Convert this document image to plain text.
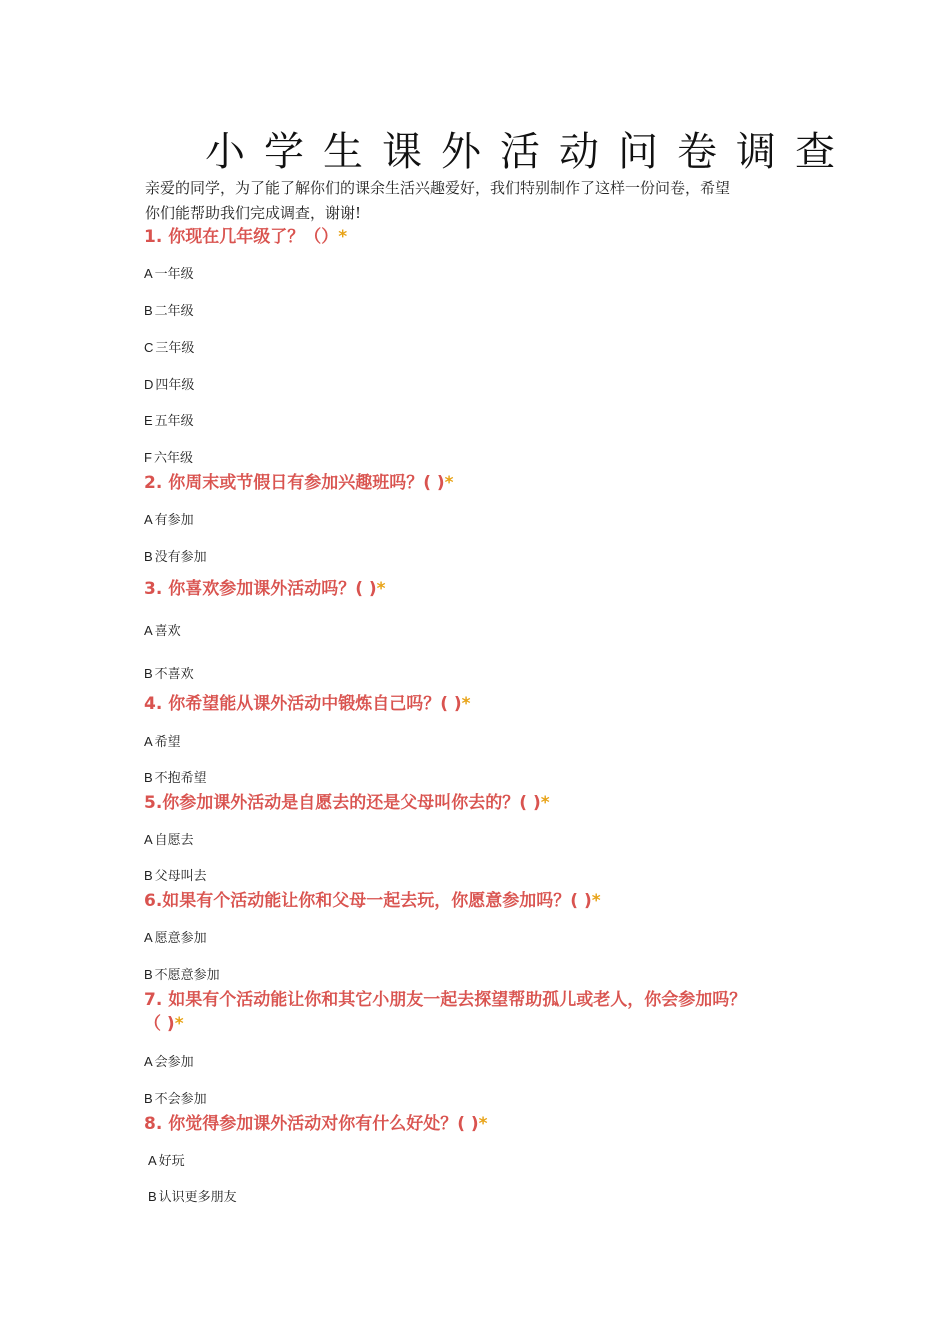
小学生课外活动问卷调查
亲爱的同学，为了能了解你们的课余生活兴趣爱好，我们特别制作了这样一份问卷，希望
你们能帮助我们完成调查，谢谢!
1. 你现在几年级了？（）*
A 一年级
B 二年级
C 三年级
D 四年级
E 五年级
F 六年级
2. 你周末或节假日有参加兴趣班吗？( )*
A 有参加
B 没有参加
3. 你喜欢参加课外活动吗？( )*
A 喜欢
B 不喜欢
4. 你希望能从课外活动中锻炼自己吗？( )*
A 希望
B 不抱希望
5.你参加课外活动是自愿去的还是父母叫你去的？( )*
A 自愿去
B 父母叫去
6.如果有个活动能让你和父母一起去玩，你愿意参加吗？( )*
A 愿意参加
B 不愿意参加
7. 如果有个活动能让你和其它小朋友一起去探望帮助孤儿或老人，你会参加吗？
（ )*
A 会参加
B 不会参加
8. 你觉得参加课外活动对你有什么好处？( )*
A 好玩
B 认识更多朋友
